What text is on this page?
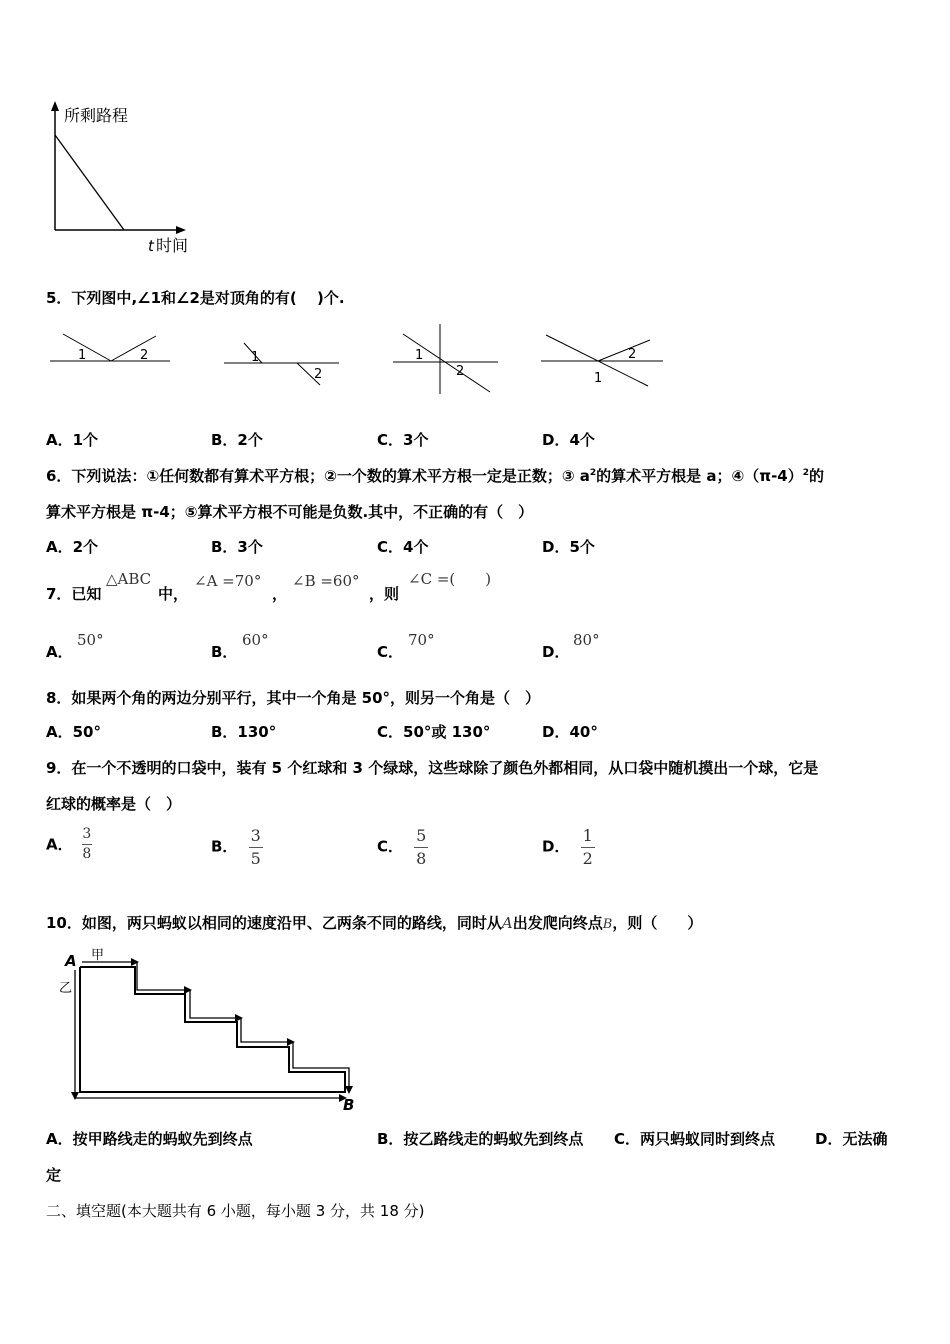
所剩路程
t 时间
5．下列图中,∠1和∠2是对顶角的有(　 )个.
1	2	1
2
1
2
2
1
A．1个	B．2个	C．3个	D．4个
6．下列说法：①任何数都有算术平方根；②一个数的算术平方根一定是正数；③ $a^2$的算术平方根是 a；$④(\pi-4)^2$的
算术平方根是 π-4；⑤算术平方根不可能是负数.其中，不正确的有（　）
A．2个	B．3个	C．4个	D．5个
7．已知
△ABC
中，
∠A =70°
，
∠B =60°
，则
∠C =(　　)
A．
50°
B．
60°
C．
70°
D．
80°
8．如果两个角的两边分别平行，其中一个角是 50°，则另一个角是（　）
A．50°	B．130°	C．50°或 130°	D．40°
9．在一个不透明的口袋中，装有 5 个红球和 3 个绿球，这些球除了颜色外都相同，从口袋中随机摸出一个球，它是
红球的概率是（　）
A． $\frac{3}{8}$	B． $\frac{3}{5}$	C． $\frac{5}{8}$	D． $\frac{1}{2}$
10．如图，两只蚂蚁以相同的速度沿甲、乙两条不同的路线，同时从A出发爬向终点B，则（　　）
A 甲
乙
B
A．按甲路线走的蚂蚁先到终点	B．按乙路线走的蚂蚁先到终点 C．两只蚂蚁同时到终点	D．无法确
定
二、填空题(本大题共有 6 小题，每小题 3 分，共 18 分)
